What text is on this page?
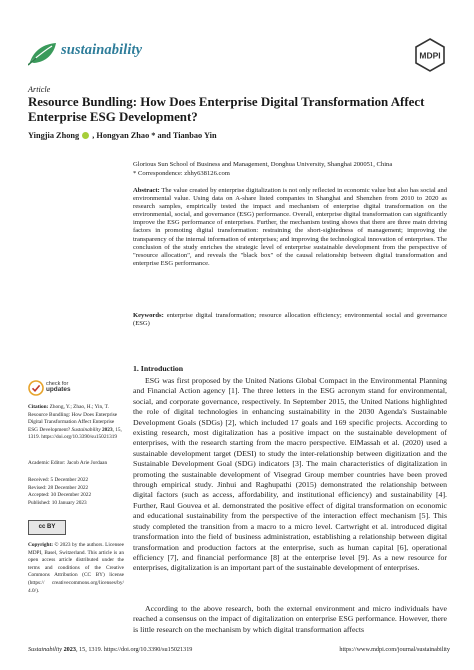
sustainability	MDPI
Article
Resource Bundling: How Does Enterprise Digital Transformation Affect Enterprise ESG Development?
Yingjia Zhong  , Hongyan Zhao * and Tianbao Yin
Glorious Sun School of Business and Management, Donghua University, Shanghai 200051, China
* Correspondence: zhhy638126.com
Abstract: The value created by enterprise digitalization is not only reflected in economic value but also has social and environmental value. Using data on A-share listed companies in Shanghai and Shenzhen from 2010 to 2020 as research samples, empirically tested the impact and mechanism of enterprise digital transformation on the environmental, social, and governance (ESG) performance. Overall, enterprise digital transformation can significantly improve the ESG performance of enterprises. Further, the mechanism testing shows that there are three main driving factors in promoting digital transformation: restraining the short-sightedness of management; improving the transparency of the internal information of enterprises; and improving the technological innovation of enterprises. The conclusion of the study enriches the strategic level of enterprise sustainable development from the perspective of "resource allocation", and reveals the "black box" of the causal relationship between digital transformation and enterprise ESG performance.
Keywords: enterprise digital transformation; resource allocation efficiency; environmental social and governance (ESG)
1. Introduction
ESG was first proposed by the United Nations Global Compact in the Environmental Planning and Financial Action agency [1]. The three letters in the ESG acronym stand for environmental, social, and corporate governance, respectively. In September 2015, the United Nations highlighted the role of digital technologies in enhancing sustainability in the 2030 Agenda's Sustainable Development Goals (SDGs) [2], which included 17 goals and 169 specific projects. According to existing research, most digitalization has a positive impact on the sustainable development of enterprises, with the research starting from the macro perspective. ElMassah et al. (2020) used a sustainable development target (DESI) to study the inter-relationship between digitization and the Sustainable Development Goal (SDG) indicators [3]. The main characteristics of digitalization in promoting the sustainable development of Visegrad Group member countries have been proved through empirical study. Jinhui and Raghupathi (2015) demonstrated the relationship between digital factors (such as access, affordability, and institutional efficiency) and sustainability [4]. Further, Raul Gouvea et al. demonstrated the positive effect of digital transformation on economic and educational sustainability from the perspective of the interaction effect mechanism [5]. This study completed the transition from a macro to a micro level. Cartwright et al. introduced digital transformation into the field of business administration, establishing a relationship between digital transformation and production factors at the enterprise, such as human capital [6], operational efficiency [7], and financial performance [8] at the enterprise level [9]. As a new resource for enterprises, digitalization is an important part of the sustainable development of enterprises.
According to the above research, both the external environment and micro individuals have reached a consensus on the impact of digitalization on enterprise ESG performance. However, there is little research on the mechanism by which digital transformation affects
check for
updates
Citation: Zhong, Y.; Zhao, H.; Yin, T. Resource Bundling: How Does Enterprise Digital Transformation Affect Enterprise ESG Development? Sustainability 2023, 15, 1319. https://doi.org/10.3390/su15021319
Academic Editor: Jacob Arie Jordaan
Received: 5 December 2022
Revised: 28 December 2022
Accepted: 30 December 2022
Published: 10 January 2023
cc BY
Copyright: © 2023 by the authors. Licensee MDPI, Basel, Switzerland. This article is an open access article distributed under the terms and conditions of the Creative Commons Attribution (CC BY) license (https:// creativecommons.org/licenses/by/ 4.0/).
Sustainability 2023, 15, 1319. https://doi.org/10.3390/su15021319	https://www.mdpi.com/journal/sustainability
